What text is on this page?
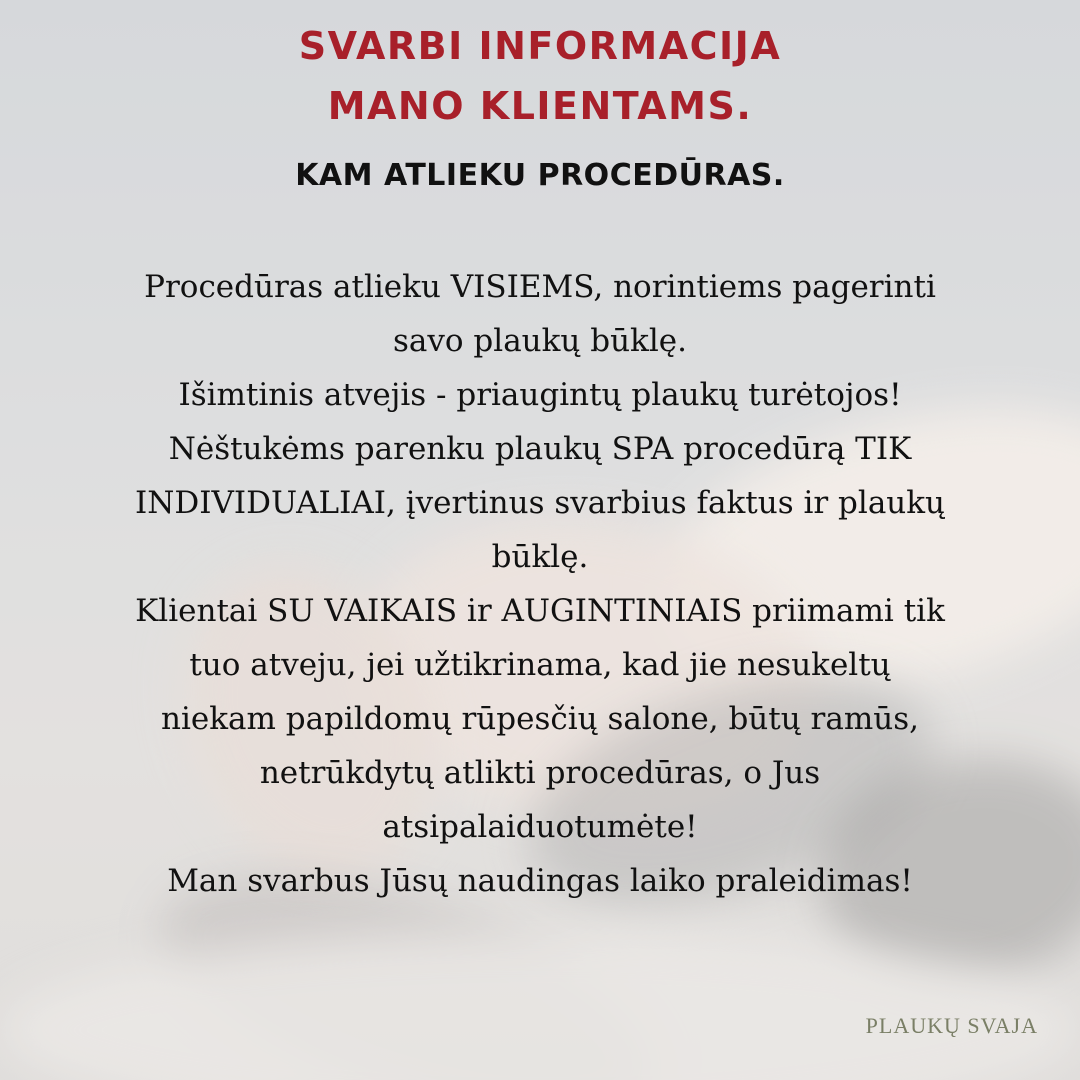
SVARBI INFORMACIJA
MANO KLIENTAMS.
KAM ATLIEKU PROCEDŪRAS.
Procedūras atlieku VISIEMS, norintiems pagerinti
savo plaukų būklę.
Išimtinis atvejis - priaugintų plaukų turėtojos!
Nėštukėms parenku plaukų SPA procedūrą TIK
INDIVIDUALIAI, įvertinus svarbius faktus ir plaukų
būklę.
Klientai SU VAIKAIS ir AUGINTINIAIS priimami tik
tuo atveju, jei užtikrinama, kad jie nesukeltų
niekam papildomų rūpesčių salone, būtų ramūs,
netrūkdytų atlikti procedūras, o Jus
atsipalaiduotumėte!
Man svarbus Jūsų naudingas laiko praleidimas!
PLAUKŲ SVAJA
